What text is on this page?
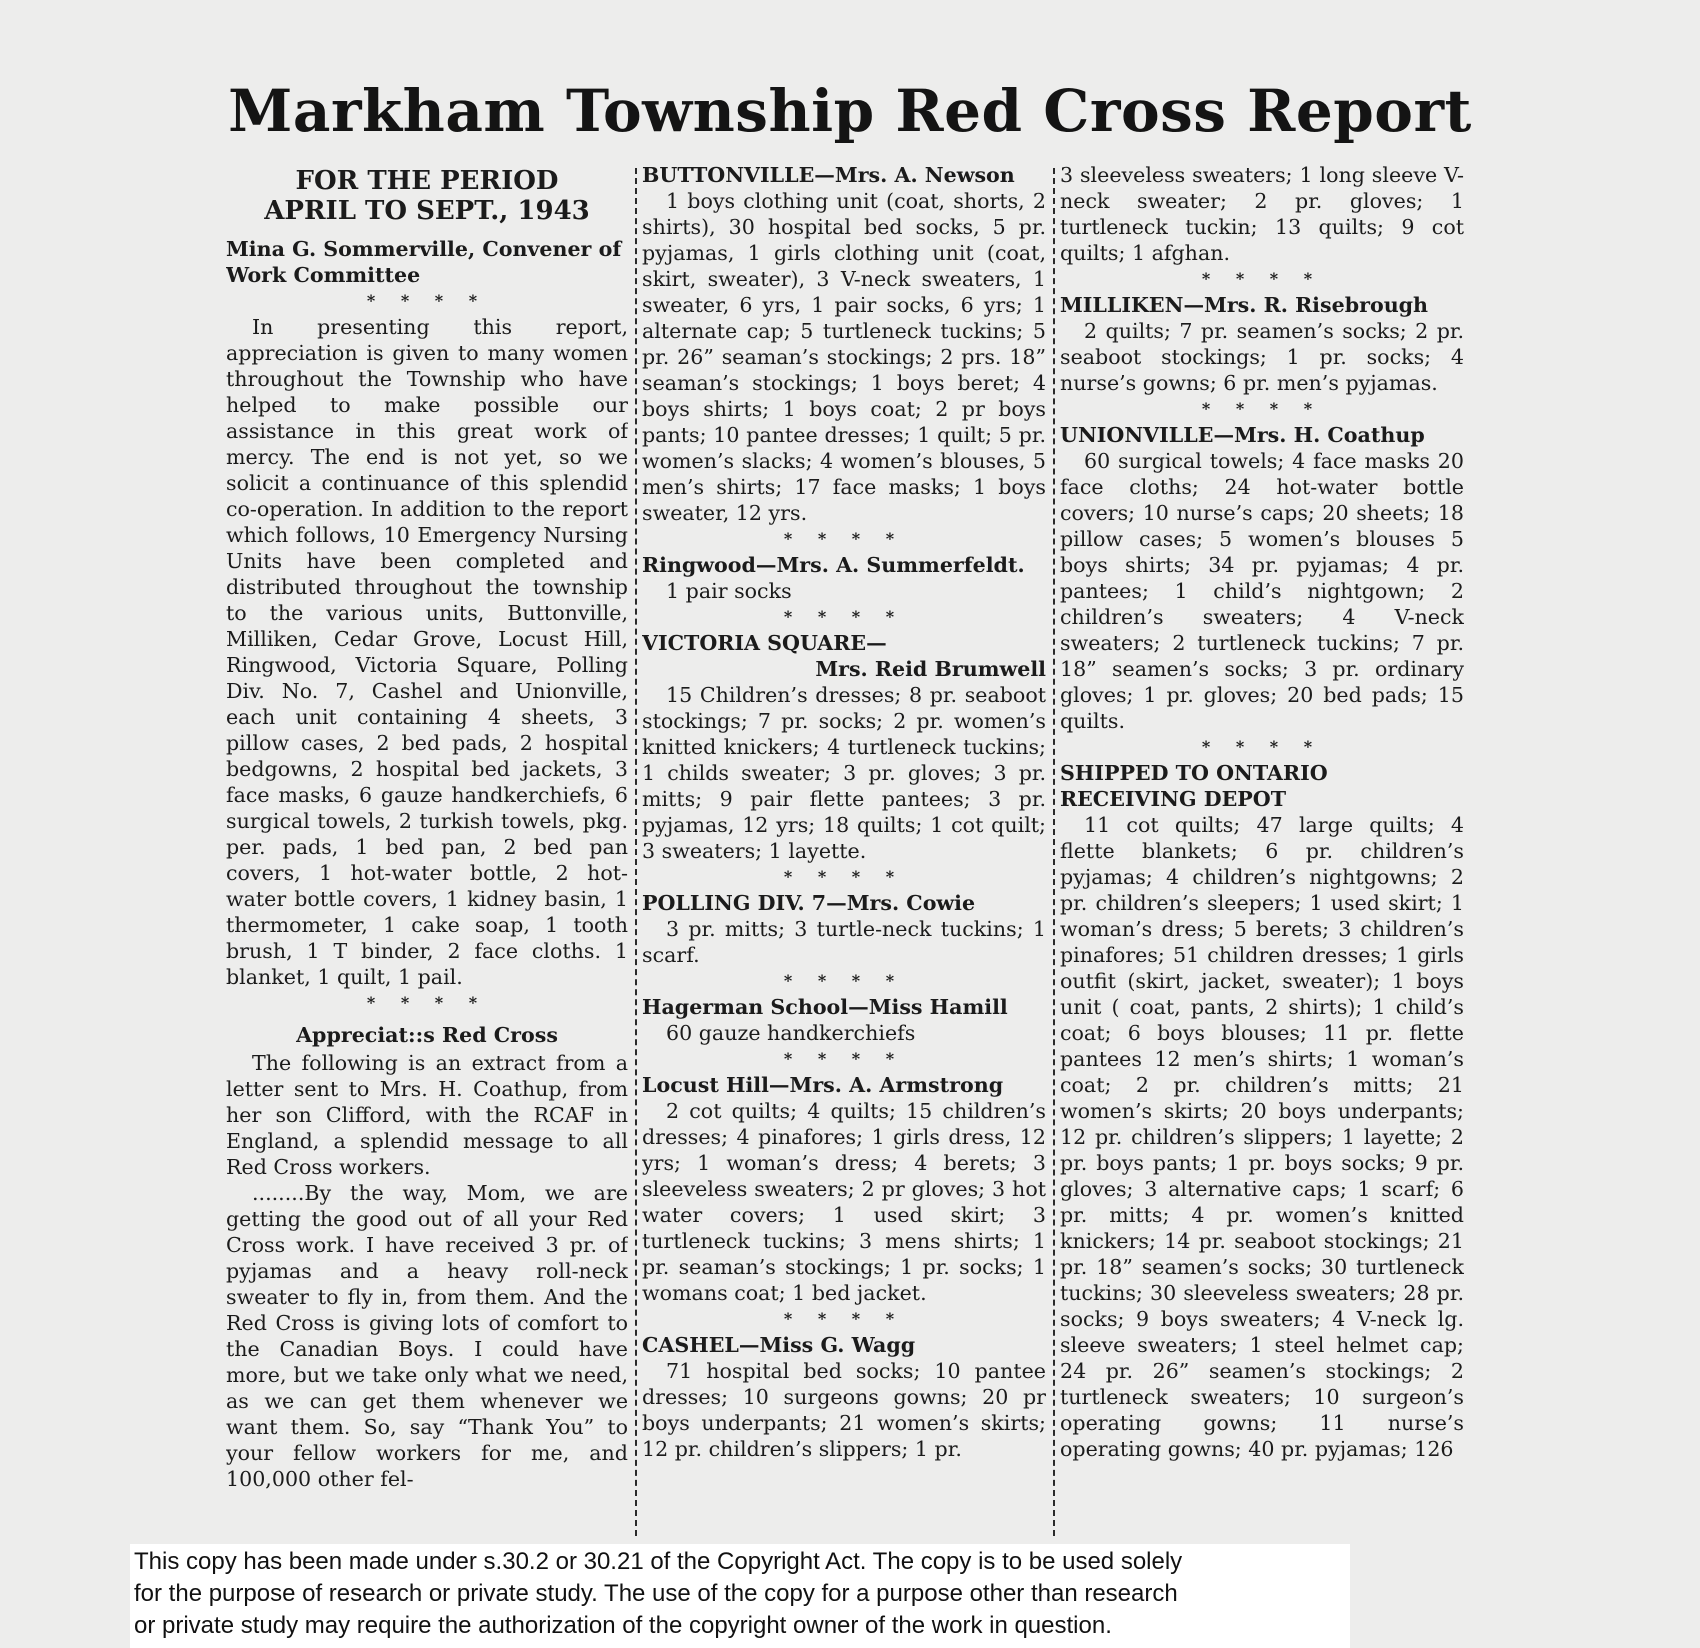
Markham Township Red Cross Report
FOR THE PERIOD
APRIL TO SEPT., 1943

Mina G. Sommerville, Convener of Work Committee

* * * *

In presenting this report, appreciation is given to many women throughout the Township who have helped to make possible our assistance in this great work of mercy. The end is not yet, so we solicit a continuance of this splendid co-operation. In addition to the report which follows, 10 Emergency Nursing Units have been completed and distributed throughout the township to the various units, Buttonville, Milliken, Cedar Grove, Locust Hill, Ringwood, Victoria Square, Polling Div. No. 7, Cashel and Unionville, each unit containing 4 sheets, 3 pillow cases, 2 bed pads, 2 hospital bedgowns, 2 hospital bed jackets, 3 face masks, 6 gauze handkerchiefs, 6 surgical towels, 2 turkish towels, pkg. per. pads, 1 bed pan, 2 bed pan covers, 1 hot-water bottle, 2 hot-water bottle covers, 1 kidney basin, 1 thermometer, 1 cake soap, 1 tooth brush, 1 T binder, 2 face cloths. 1 blanket, 1 quilt, 1 pail.

* * * *

Appreciat::s Red Cross

The following is an extract from a letter sent to Mrs. H. Coathup, from her son Clifford, with the RCAF in England, a splendid message to all Red Cross workers.

........By the way, Mom, we are getting the good out of all your Red Cross work. I have received 3 pr. of pyjamas and a heavy roll-neck sweater to fly in, from them. And the Red Cross is giving lots of comfort to the Canadian Boys. I could have more, but we take only what we need, as we can get them whenever we want them. So, say “Thank You” to your fellow workers for me, and 100,000 other fel-

BUTTONVILLE—Mrs. A. Newson

1 boys clothing unit (coat, shorts, 2 shirts), 30 hospital bed socks, 5 pr. pyjamas, 1 girls clothing unit (coat, skirt, sweater), 3 V-neck sweaters, 1 sweater, 6 yrs, 1 pair socks, 6 yrs; 1 alternate cap; 5 turtleneck tuckins; 5 pr. 26” seaman’s stockings; 2 prs. 18” seaman’s stockings; 1 boys beret; 4 boys shirts; 1 boys coat; 2 pr boys pants; 10 pantee dresses; 1 quilt; 5 pr. women’s slacks; 4 women’s blouses, 5 men’s shirts; 17 face masks; 1 boys sweater, 12 yrs.

* * * *

Ringwood—Mrs. A. Summerfeldt.

1 pair socks

* * * *

VICTORIA SQUARE—

Mrs. Reid Brumwell

15 Children’s dresses; 8 pr. seaboot stockings; 7 pr. socks; 2 pr. women’s knitted knickers; 4 turtleneck tuckins; 1 childs sweater; 3 pr. gloves; 3 pr. mitts; 9 pair flette pantees; 3 pr. pyjamas, 12 yrs; 18 quilts; 1 cot quilt; 3 sweaters; 1 layette.

* * * *

POLLING DIV. 7—Mrs. Cowie

3 pr. mitts; 3 turtle-neck tuckins; 1 scarf.

* * * *

Hagerman School—Miss Hamill

60 gauze handkerchiefs

* * * *

Locust Hill—Mrs. A. Armstrong

2 cot quilts; 4 quilts; 15 children’s dresses; 4 pinafores; 1 girls dress, 12 yrs; 1 woman’s dress; 4 berets; 3 sleeveless sweaters; 2 pr gloves; 3 hot water covers; 1 used skirt; 3 turtleneck tuckins; 3 mens shirts; 1 pr. seaman’s stockings; 1 pr. socks; 1 womans coat; 1 bed jacket.

* * * *

CASHEL—Miss G. Wagg

71 hospital bed socks; 10 pantee dresses; 10 surgeons gowns; 20 pr boys underpants; 21 women’s skirts; 12 pr. children’s slippers; 1 pr.

3 sleeveless sweaters; 1 long sleeve V-neck sweater; 2 pr. gloves; 1 turtleneck tuckin; 13 quilts; 9 cot quilts; 1 afghan.

* * * *

MILLIKEN—Mrs. R. Risebrough

2 quilts; 7 pr. seamen’s socks; 2 pr. seaboot stockings; 1 pr. socks; 4 nurse’s gowns; 6 pr. men’s pyjamas.

* * * *

UNIONVILLE—Mrs. H. Coathup

60 surgical towels; 4 face masks 20 face cloths; 24 hot-water bottle covers; 10 nurse’s caps; 20 sheets; 18 pillow cases; 5 women’s blouses 5 boys shirts; 34 pr. pyjamas; 4 pr. pantees; 1 child’s nightgown; 2 children’s sweaters; 4 V-neck sweaters; 2 turtleneck tuckins; 7 pr. 18” seamen’s socks; 3 pr. ordinary gloves; 1 pr. gloves; 20 bed pads; 15 quilts.

* * * *

SHIPPED TO ONTARIO RECEIVING DEPOT

11 cot quilts; 47 large quilts; 4 flette blankets; 6 pr. children’s pyjamas; 4 children’s nightgowns; 2 pr. children’s sleepers; 1 used skirt; 1 woman’s dress; 5 berets; 3 children’s pinafores; 51 children dresses; 1 girls outfit (skirt, jacket, sweater); 1 boys unit ( coat, pants, 2 shirts); 1 child’s coat; 6 boys blouses; 11 pr. flette pantees 12 men’s shirts; 1 woman’s coat; 2 pr. children’s mitts; 21 women’s skirts; 20 boys underpants; 12 pr. children’s slippers; 1 layette; 2 pr. boys pants; 1 pr. boys socks; 9 pr. gloves; 3 alternative caps; 1 scarf; 6 pr. mitts; 4 pr. women’s knitted knickers; 14 pr. seaboot stockings; 21 pr. 18” seamen’s socks; 30 turtleneck tuckins; 30 sleeveless sweaters; 28 pr. socks; 9 boys sweaters; 4 V-neck lg. sleeve sweaters; 1 steel helmet cap; 24 pr. 26” seamen’s stockings; 2 turtleneck sweaters; 10 surgeon’s operating gowns; 11 nurse’s operating gowns; 40 pr. pyjamas; 126

This copy has been made under s.30.2 or 30.21 of the Copyright Act. The copy is to be used solely

for the purpose of research or private study. The use of the copy for a purpose other than research

or private study may require the authorization of the copyright owner of the work in question.
